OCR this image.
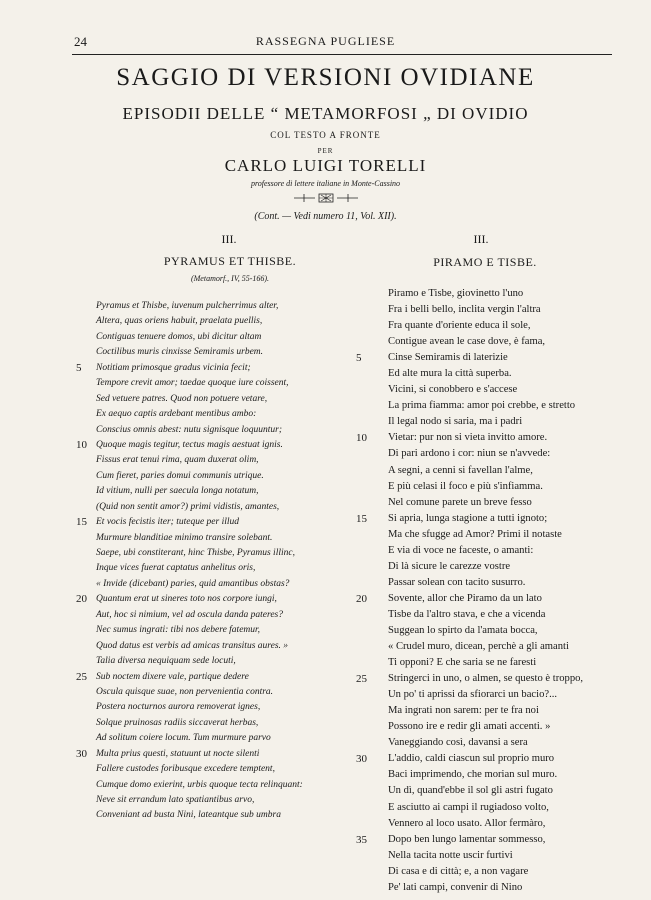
24	RASSEGNA PUGLIESE
SAGGIO DI VERSIONI OVIDIANE
EPISODII DELLE “ METAMORFOSI „ DI OVIDIO
COL TESTO A FRONTE
PER
CARLO LUIGI TORELLI
professore di lettere italiane in Monte-Cassino
(Cont. — Vedi numero 11, Vol. XII).
III.	III.
PYRAMUS ET THISBE.	PIRAMO E TISBE.
(Metamorf., IV, 55-166).
Pyramus et Thisbe, iuvenum pulcherrimus alter,
Altera, quas oriens habuit, praelata puellis,
Contiguas tenuere domos, ubi dicitur altam
Coctilibus muris cinxisse Semiramis urbem.
5 Notitiam primosque gradus vicinia fecit;
Tempore crevit amor; taedae quoque iure coissent,
Sed vetuere patres. Quod non potuere vetare,
Ex aequo captis ardebant mentibus ambo:
Conscius omnis abest: nutu signisque loquuntur;
10 Quoque magis tegitur, tectus magis aestuat ignis.
Fissus erat tenui rima, quam duxerat olim,
Cum fieret, paries domui communis utrique.
Id vitium, nulli per saecula longa notatum,
(Quid non sentit amor?) primi vidistis, amantes,
15 Et vocis fecistis iter; tuteque per illud
Murmure blanditiae minimo transire solebant.
Saepe, ubi constiterant, hinc Thisbe, Pyramus illinc,
Inque vices fuerat captatus anhelitus oris,
« Invide (dicebant) paries, quid amantibus obstas?
20 Quantum erat ut sineres toto nos corpore iungi,
Aut, hoc si nimium, vel ad oscula danda pateres?
Nec sumus ingrati: tibi nos debere fatemur,
Quod datus est verbis ad amicas transitus aures. »
Talia diversa nequiquam sede locuti,
25 Sub noctem dixere vale, partique dedere
Oscula quisque suae, non pervenientia contra.
Postera nocturnos aurora removerat ignes,
Solque pruinosas radiis siccaverat herbas,
Ad solitum coiere locum. Tum murmure parvo
30 Multa prius questi, statuunt ut nocte silenti
Fallere custodes foribusque excedere temptent,
Cumque domo exierint, urbis quoque tecta relinquant:
Neve sit errandum lato spatiantibus arvo,
Conveniant ad busta Nini, lateantque sub umbra
Piramo e Tisbe, giovinetto l'uno
Fra i belli bello, inclita vergin l'altra
Fra quante d'oriente educa il sole,
Contigue avean le case dove, è fama,
5	Cinse Semiramis di laterizie
Ed alte mura la città superba.
Vicini, si conobbero e s'accese
La prima fiamma: amor poi crebbe, e stretto
Il legal nodo si saria, ma i padri
10 Vietar: pur non si vieta invitto amore.
Di pari ardono i cor: niun se n'avvede:
A segni, a cenni si favellan l'alme,
E più celasi il foco e più s'infiamma.
Nel comune parete un breve fesso
15 Si apria, lunga stagione a tutti ignoto;
Ma che sfugge ad Amor? Primi il notaste
E via di voce ne faceste, o amanti:
Di là sicure le carezze vostre
Passar solean con tacito susurro.
20 Sovente, allor che Piramo da un lato
Tisbe da l'altro stava, e che a vicenda
Suggean lo spirto da l'amata bocca,
« Crudel muro, dicean, perchè a gli amanti
Ti opponi? E che saria se ne faresti
25 Stringerci in uno, o almen, se questo è troppo,
Un po' ti aprissi da sfiorarci un bacio?...
Ma ingrati non sarem: per te fra noi
Possono ire e redir gli amati accenti. »
Vaneggiando così, davansi a sera
30 L'addio, caldi ciascun sul proprio muro
Baci imprimendo, che morian sul muro.
Un dì, quand'ebbe il sol gli astri fugato
E asciutto ai campi il rugiadoso volto,
Vennero al loco usato. Allor fermàro,
35 Dopo ben lungo lamentar sommesso,
Nella tacita notte uscir furtivi
Di casa e di città; e, a non vagare
Pe' lati campi, convenir di Nino
